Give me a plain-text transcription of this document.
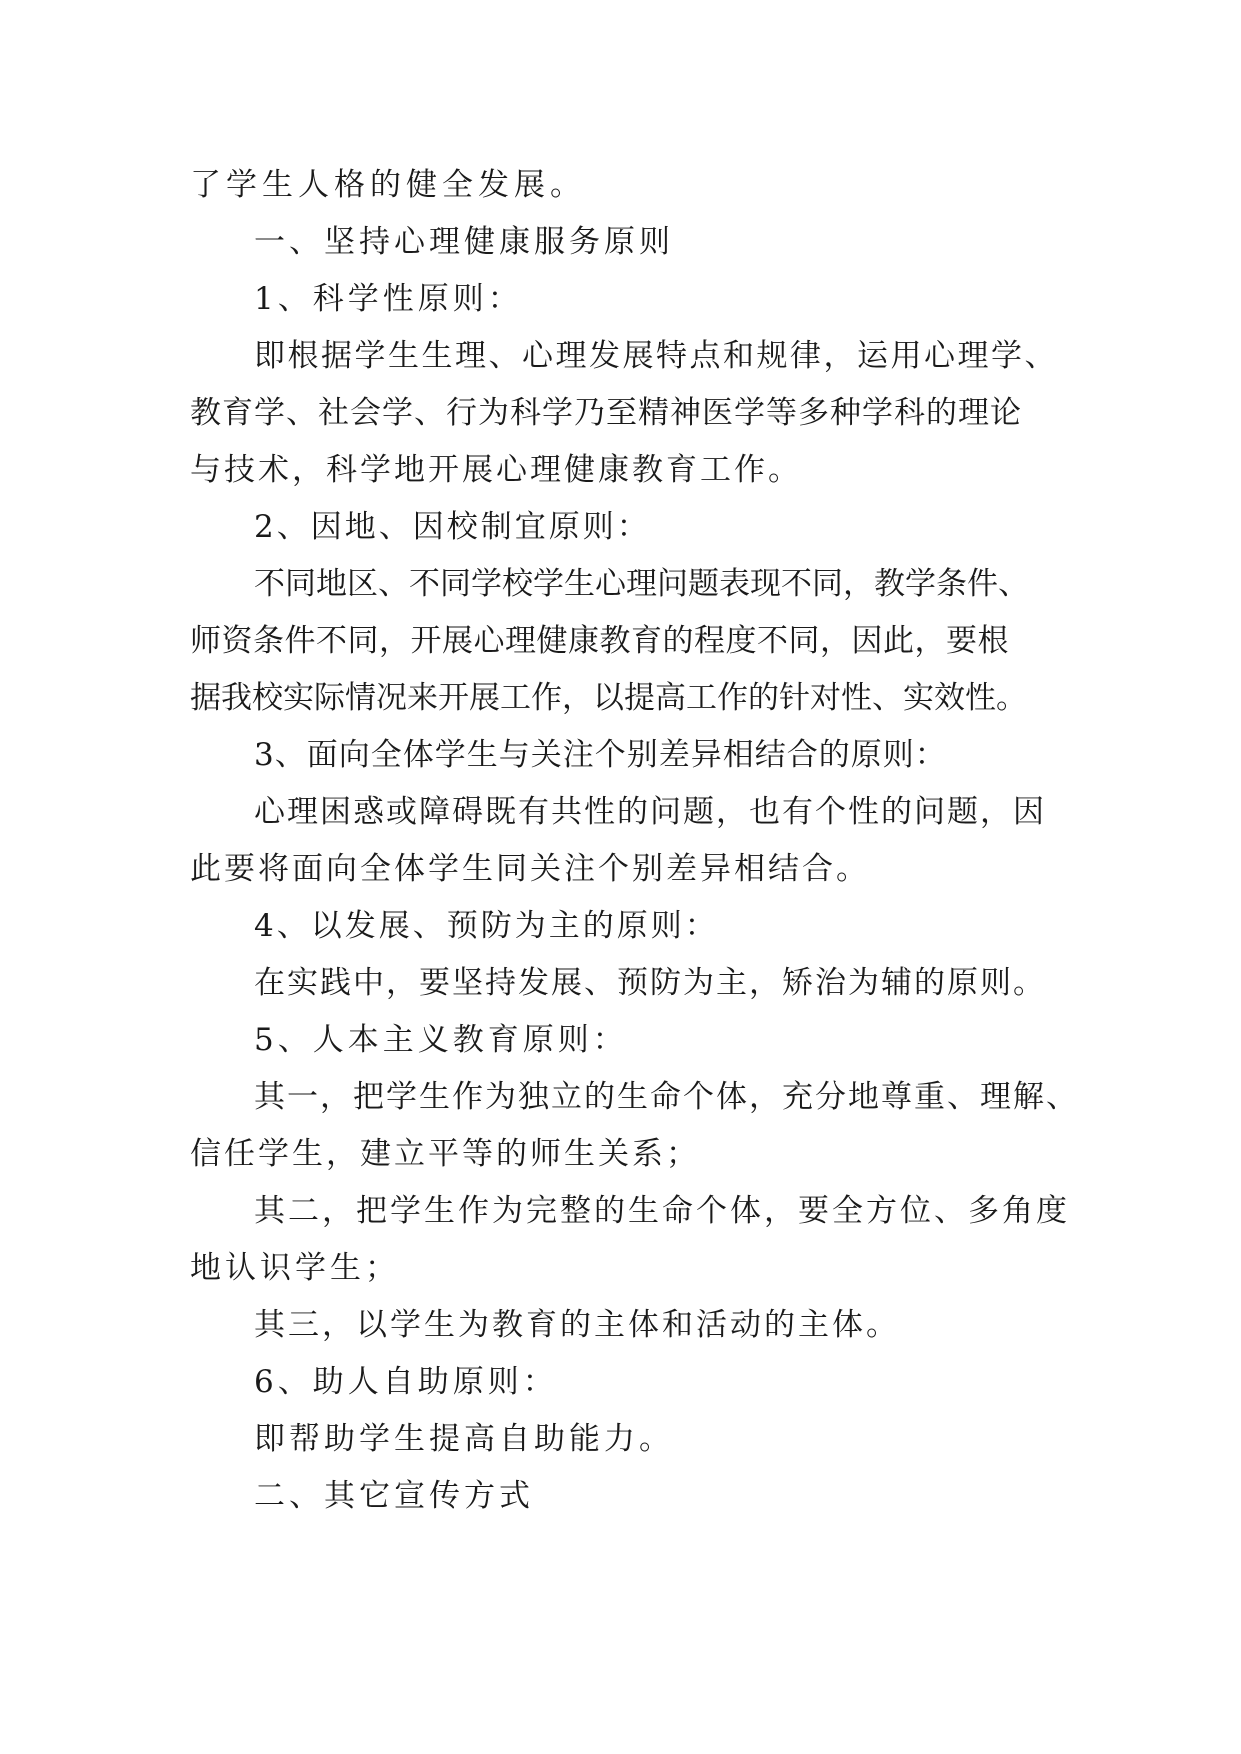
了学生人格的健全发展。
一、坚持心理健康服务原则
1、科学性原则：
即根据学生生理、心理发展特点和规律，运用心理学、
教育学、社会学、行为科学乃至精神医学等多种学科的理论
与技术，科学地开展心理健康教育工作。
2、因地、因校制宜原则：
不同地区、不同学校学生心理问题表现不同，教学条件、
师资条件不同，开展心理健康教育的程度不同，因此，要根
据我校实际情况来开展工作，以提高工作的针对性、实效性。
3、面向全体学生与关注个别差异相结合的原则：
心理困惑或障碍既有共性的问题，也有个性的问题，因
此要将面向全体学生同关注个别差异相结合。
4、以发展、预防为主的原则：
在实践中，要坚持发展、预防为主，矫治为辅的原则。
5、人本主义教育原则：
其一，把学生作为独立的生命个体，充分地尊重、理解、
信任学生，建立平等的师生关系；
其二，把学生作为完整的生命个体，要全方位、多角度
地认识学生；
其三，以学生为教育的主体和活动的主体。
6、助人自助原则：
即帮助学生提高自助能力。
二、其它宣传方式
